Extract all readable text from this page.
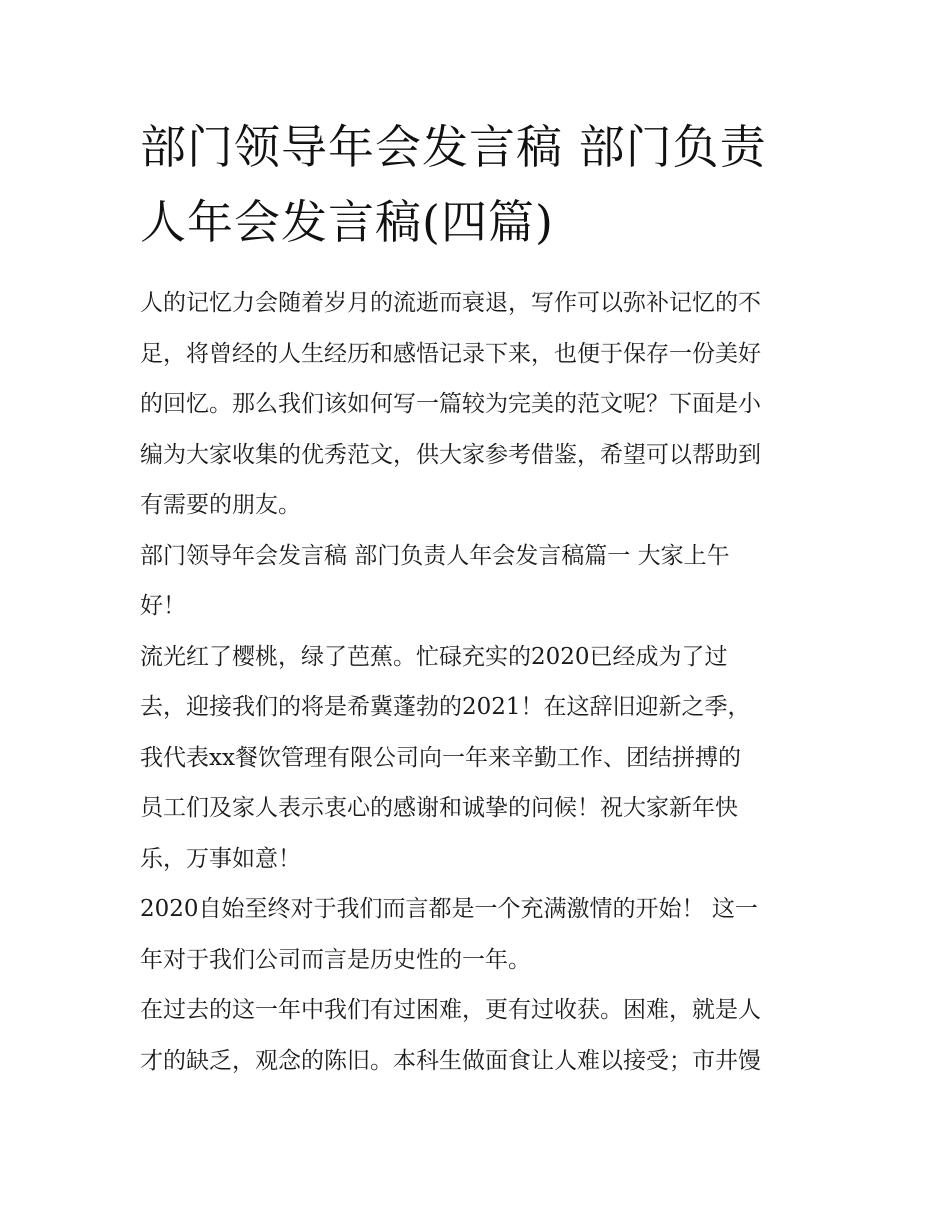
部门领导年会发言稿 部门负责
人年会发言稿(四篇)
人的记忆力会随着岁月的流逝而衰退，写作可以弥补记忆的不
足，将曾经的人生经历和感悟记录下来，也便于保存一份美好
的回忆。那么我们该如何写一篇较为完美的范文呢？下面是小
编为大家收集的优秀范文，供大家参考借鉴，希望可以帮助到
有需要的朋友。
部门领导年会发言稿 部门负责人年会发言稿篇一 大家上午
好！
流光红了樱桃，绿了芭蕉。忙碌充实的2020已经成为了过
去，迎接我们的将是希冀蓬勃的2021！在这辞旧迎新之季，
我代表xx餐饮管理有限公司向一年来辛勤工作、团结拼搏的
员工们及家人表示衷心的感谢和诚挚的问候！祝大家新年快
乐，万事如意！
2020自始至终对于我们而言都是一个充满激情的开始！ 这一
年对于我们公司而言是历史性的一年。
在过去的这一年中我们有过困难，更有过收获。困难，就是人
才的缺乏，观念的陈旧。本科生做面食让人难以接受；市井馒
